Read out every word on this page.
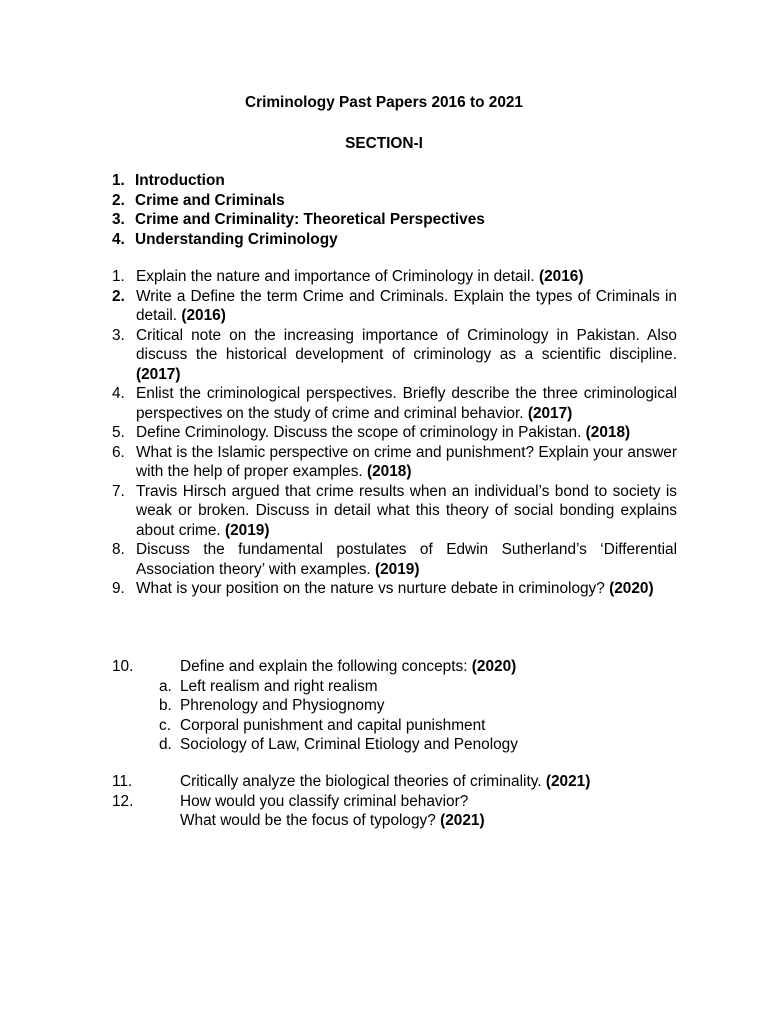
Criminology Past Papers 2016 to 2021
SECTION-I
1. Introduction
2. Crime and Criminals
3. Crime and Criminality: Theoretical Perspectives
4. Understanding Criminology
1. Explain the nature and importance of Criminology in detail. (2016)
2. Write a Define the term Crime and Criminals. Explain the types of Criminals in detail. (2016)
3. Critical note on the increasing importance of Criminology in Pakistan. Also discuss the historical development of criminology as a scientific discipline. (2017)
4. Enlist the criminological perspectives. Briefly describe the three criminological perspectives on the study of crime and criminal behavior. (2017)
5. Define Criminology. Discuss the scope of criminology in Pakistan. (2018)
6. What is the Islamic perspective on crime and punishment? Explain your answer with the help of proper examples. (2018)
7. Travis Hirsch argued that crime results when an individual’s bond to society is weak or broken. Discuss in detail what this theory of social bonding explains about crime. (2019)
8. Discuss the fundamental postulates of Edwin Sutherland’s ‘Differential Association theory’ with examples. (2019)
9. What is your position on the nature vs nurture debate in criminology? (2020)
10.	Define and explain the following concepts: (2020)
a. Left realism and right realism
b. Phrenology and Physiognomy
c. Corporal punishment and capital punishment
d. Sociology of Law, Criminal Etiology and Penology
11.	Critically analyze the biological theories of criminality. (2021)
12.	How would you classify criminal behavior?
What would be the focus of typology? (2021)
